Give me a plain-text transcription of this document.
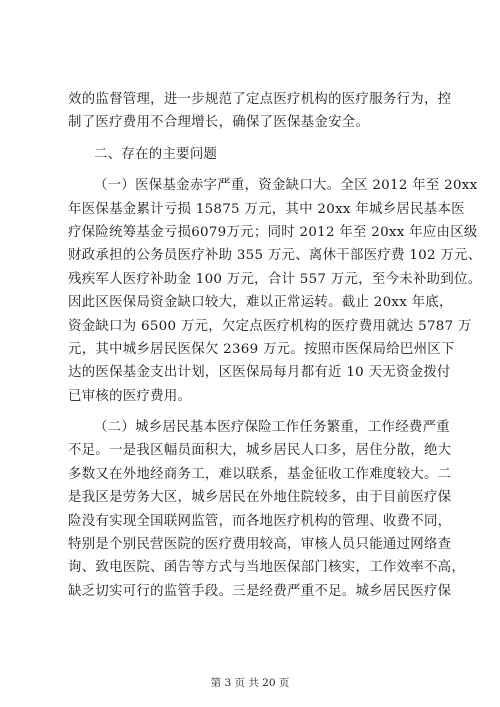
效的监督管理，进一步规范了定点医疗机构的医疗服务行为，控
制了医疗费用不合理增长，确保了医保基金安全。
二、存在的主要问题
（一）医保基金赤字严重，资金缺口大。全区 2012 年至 20xx
年医保基金累计亏损 15875 万元，其中 20xx 年城乡居民基本医
疗保险统筹基金亏损6079万元；同时 2012 年至 20xx 年应由区级
财政承担的公务员医疗补助 355 万元、离休干部医疗费 102 万元、
残疾军人医疗补助金 100 万元，合计 557 万元，至今未补助到位。
因此区医保局资金缺口较大，难以正常运转。截止 20xx 年底，
资金缺口为 6500 万元，欠定点医疗机构的医疗费用就达 5787 万
元，其中城乡居民医保欠 2369 万元。按照市医保局给巴州区下
达的医保基金支出计划，区医保局每月都有近 10 天无资金拨付
已审核的医疗费用。
（二）城乡居民基本医疗保险工作任务繁重，工作经费严重
不足。一是我区幅员面积大，城乡居民人口多，居住分散，绝大
多数又在外地经商务工，难以联系，基金征收工作难度较大。二
是我区是劳务大区，城乡居民在外地住院较多，由于目前医疗保
险没有实现全国联网监管，而各地医疗机构的管理、收费不同，
特别是个别民营医院的医疗费用较高，审核人员只能通过网络查
询、致电医院、函告等方式与当地医保部门核实，工作效率不高，
缺乏切实可行的监管手段。三是经费严重不足。城乡居民医疗保
第 3 页 共 20 页
